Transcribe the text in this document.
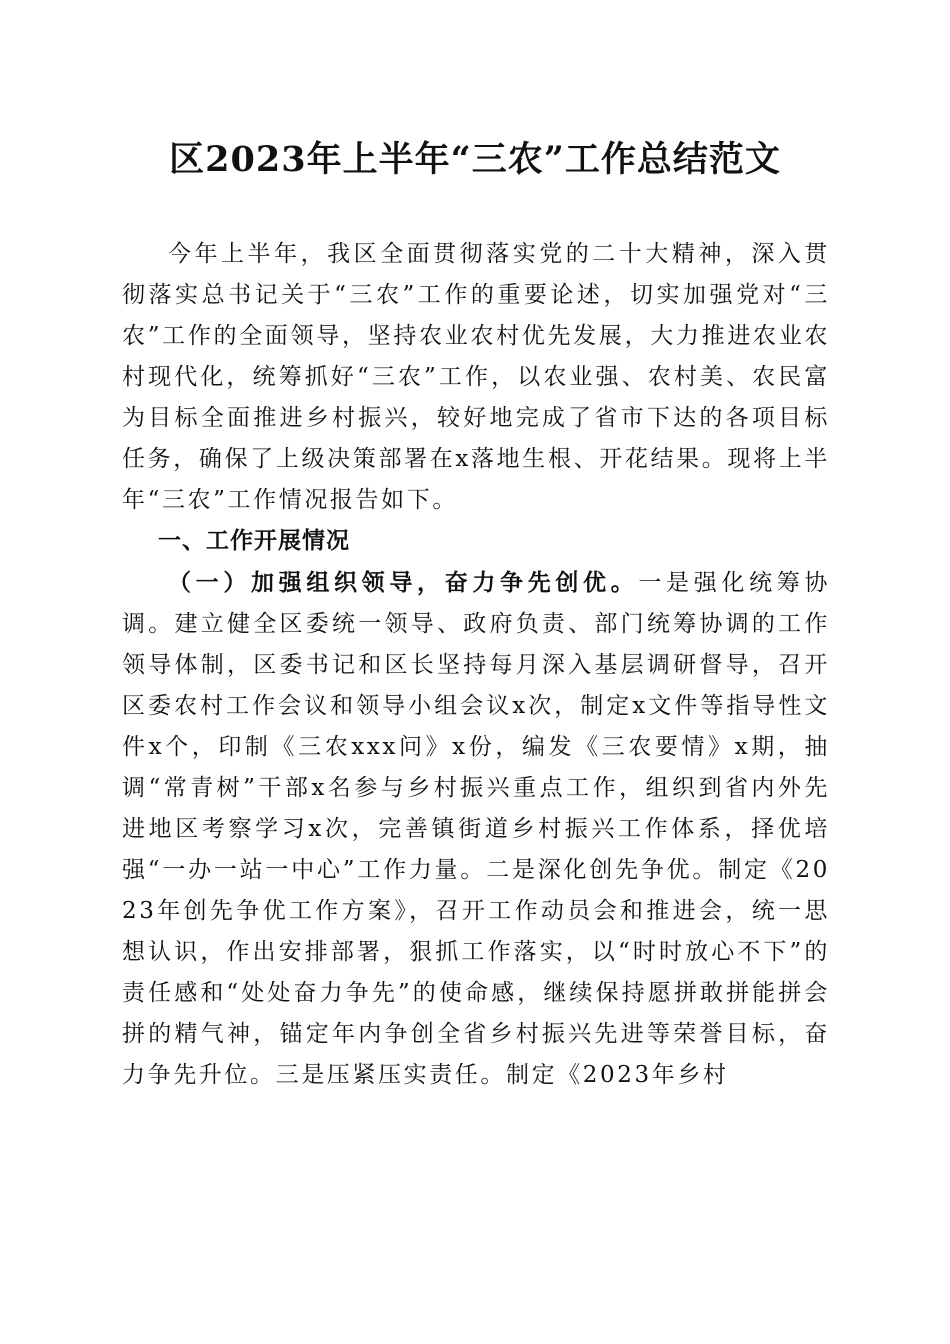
区2023年上半年“三农”工作总结范文

今年上半年，我区全面贯彻落实党的二十大精神，深入贯彻落实总书记关于“三农”工作的重要论述，切实加强党对“三农”工作的全面领导，坚持农业农村优先发展，大力推进农业农村现代化，统筹抓好“三农”工作，以农业强、农村美、农民富为目标全面推进乡村振兴，较好地完成了省市下达的各项目标任务，确保了上级决策部署在x落地生根、开花结果。现将上半年“三农”工作情况报告如下。

一、工作开展情况

（一）加强组织领导，奋力争先创优。一是强化统筹协调。建立健全区委统一领导、政府负责、部门统筹协调的工作领导体制，区委书记和区长坚持每月深入基层调研督导，召开区委农村工作会议和领导小组会议x次，制定x文件等指导性文件x个，印制《三农xxx问》x份，编发《三农要情》x期，抽调“常青树”干部x名参与乡村振兴重点工作，组织到省内外先进地区考察学习x次，完善镇街道乡村振兴工作体系，择优培强“一办一站一中心”工作力量。二是深化创先争优。制定《2023年创先争优工作方案》，召开工作动员会和推进会，统一思想认识，作出安排部署，狠抓工作落实，以“时时放心不下”的责任感和“处处奋力争先”的使命感，继续保持愿拼敢拼能拼会拼的精气神，锚定年内争创全省乡村振兴先进等荣誉目标，奋力争先升位。三是压紧压实责任。制定《2023年乡村
